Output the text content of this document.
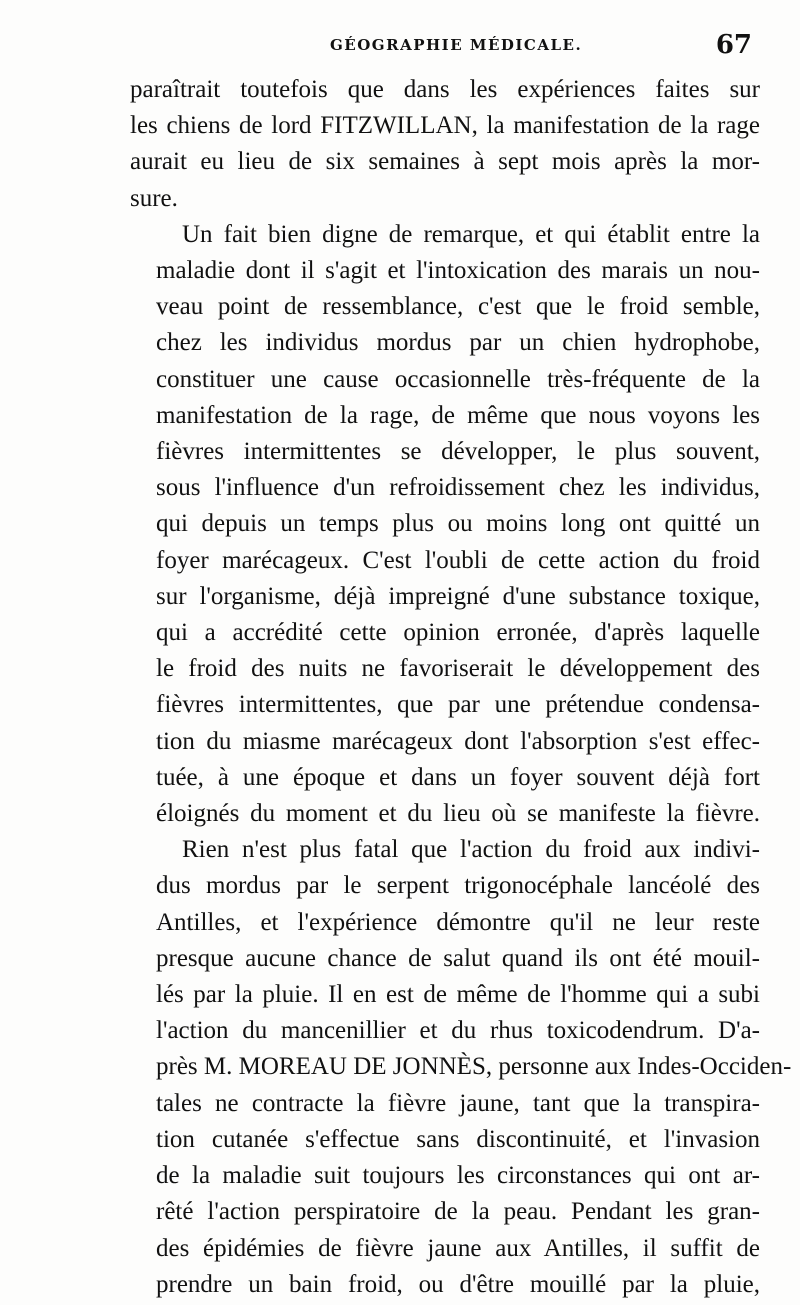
GÉOGRAPHIE MÉDICALE.	67

paraîtrait toutefois que dans les expériences faites sur
les chiens de lord FITZWILLAN, la manifestation de la rage
aurait eu lieu de six semaines à sept mois après la mor-
sure.

Un fait bien digne de remarque, et qui établit entre la
maladie dont il s'agit et l'intoxication des marais un nou-
veau point de ressemblance, c'est que le froid semble,
chez les individus mordus par un chien hydrophobe,
constituer une cause occasionnelle très-fréquente de la
manifestation de la rage, de même que nous voyons les
fièvres intermittentes se développer, le plus souvent,
sous l'influence d'un refroidissement chez les individus,
qui depuis un temps plus ou moins long ont quitté un
foyer marécageux. C'est l'oubli de cette action du froid
sur l'organisme, déjà impreigné d'une substance toxique,
qui a accrédité cette opinion erronée, d'après laquelle
le froid des nuits ne favoriserait le développement des
fièvres intermittentes, que par une prétendue condensa-
tion du miasme marécageux dont l'absorption s'est effec-
tuée, à une époque et dans un foyer souvent déjà fort
éloignés du moment et du lieu où se manifeste la fièvre.

Rien n'est plus fatal que l'action du froid aux indivi-
dus mordus par le serpent trigonocéphale lancéolé des
Antilles, et l'expérience démontre qu'il ne leur reste
presque aucune chance de salut quand ils ont été mouil-
lés par la pluie. Il en est de même de l'homme qui a subi
l'action du mancenillier et du rhus toxicodendrum. D'a-
près M. MOREAU DE JONNÈS, personne aux Indes-Occiden-
tales ne contracte la fièvre jaune, tant que la transpira-
tion cutanée s'effectue sans discontinuité, et l'invasion
de la maladie suit toujours les circonstances qui ont ar-
rêté l'action perspiratoire de la peau. Pendant les gran-
des épidémies de fièvre jaune aux Antilles, il suffit de
prendre un bain froid, ou d'être mouillé par la pluie,
